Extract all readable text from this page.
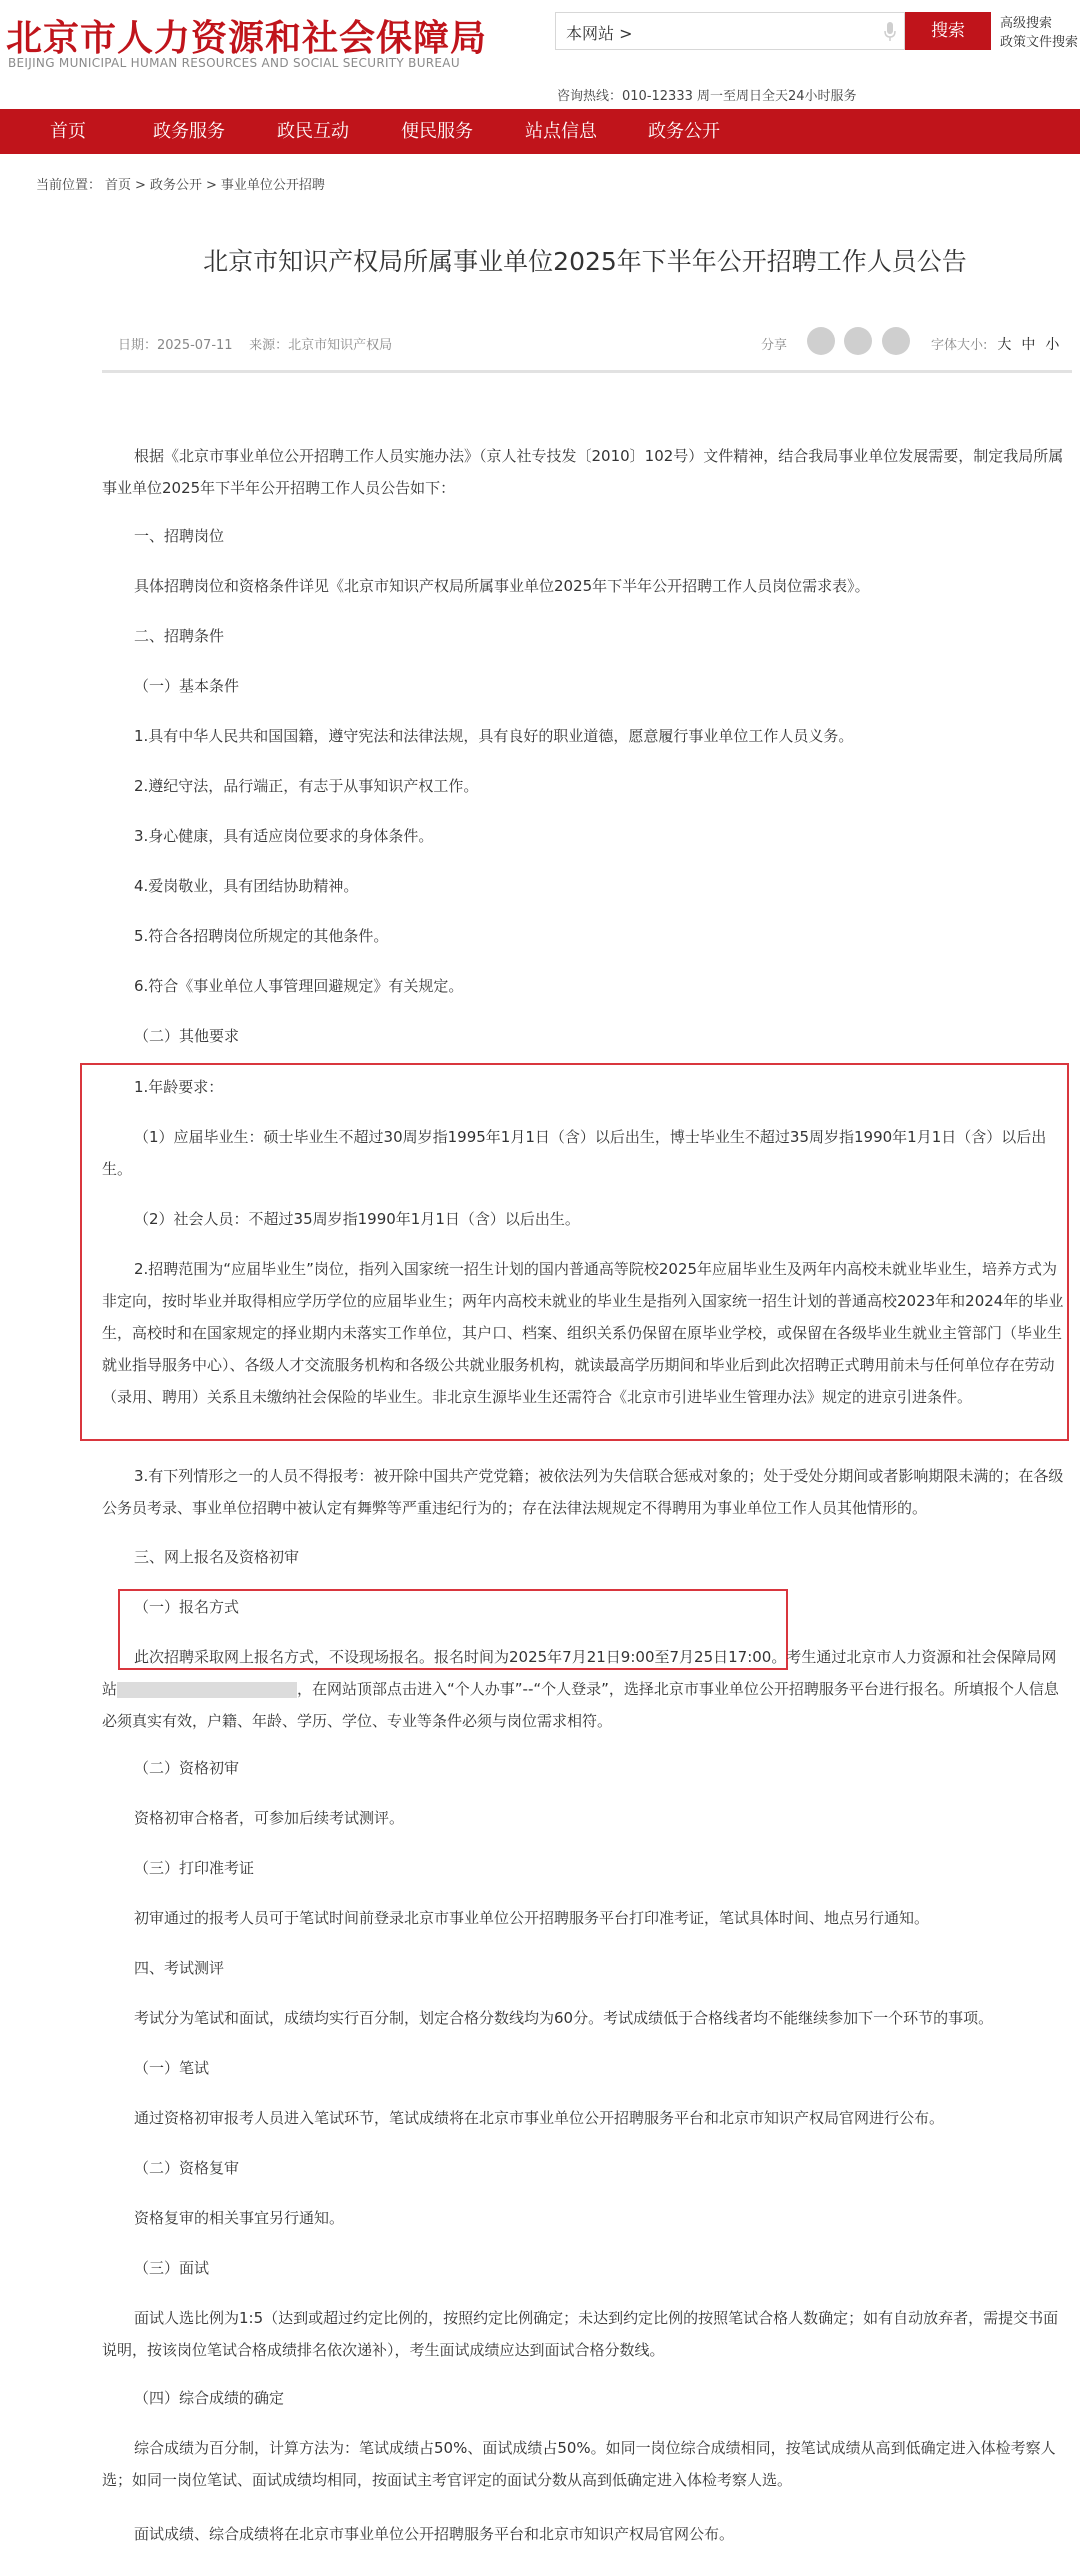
北京市人力资源和社会保障局
BEIJING MUNICIPAL HUMAN RESOURCES AND SOCIAL SECURITY BUREAU
本网站 >	搜索	高级搜索
政策文件搜索
咨询热线：010-12333 周一至周日全天24小时服务
首页	政务服务	政民互动	便民服务	站点信息	政务公开
当前位置： 首页 > 政务公开 > 事业单位公开招聘
北京市知识产权局所属事业单位2025年下半年公开招聘工作人员公告
日期：2025-07-11 来源：北京市知识产权局	分享	字体大小: 大 中 小
根据《北京市事业单位公开招聘工作人员实施办法》（京人社专技发〔2010〕102号）文件精神，结合我局事业单位发展需要，制定我局所属事业单位2025年下半年公开招聘工作人员公告如下：
一、招聘岗位
具体招聘岗位和资格条件详见《北京市知识产权局所属事业单位2025年下半年公开招聘工作人员岗位需求表》。
二、招聘条件
（一）基本条件
1.具有中华人民共和国国籍，遵守宪法和法律法规，具有良好的职业道德，愿意履行事业单位工作人员义务。
2.遵纪守法，品行端正，有志于从事知识产权工作。
3.身心健康，具有适应岗位要求的身体条件。
4.爱岗敬业，具有团结协助精神。
5.符合各招聘岗位所规定的其他条件。
6.符合《事业单位人事管理回避规定》有关规定。
（二）其他要求
1.年龄要求：
（1）应届毕业生：硕士毕业生不超过30周岁指1995年1月1日（含）以后出生，博士毕业生不超过35周岁指1990年1月1日（含）以后出生。
（2）社会人员：不超过35周岁指1990年1月1日（含）以后出生。
2.招聘范围为“应届毕业生”岗位，指列入国家统一招生计划的国内普通高等院校2025年应届毕业生及两年内高校未就业毕业生，培养方式为非定向，按时毕业并取得相应学历学位的应届毕业生；两年内高校未就业的毕业生是指列入国家统一招生计划的普通高校2023年和2024年的毕业生，高校时和在国家规定的择业期内未落实工作单位，其户口、档案、组织关系仍保留在原毕业学校，或保留在各级毕业生就业主管部门（毕业生就业指导服务中心）、各级人才交流服务机构和各级公共就业服务机构，就读最高学历期间和毕业后到此次招聘正式聘用前未与任何单位存在劳动（录用、聘用）关系且未缴纳社会保险的毕业生。非北京生源毕业生还需符合《北京市引进毕业生管理办法》规定的进京引进条件。
3.有下列情形之一的人员不得报考：被开除中国共产党党籍；被依法列为失信联合惩戒对象的；处于受处分期间或者影响期限未满的；在各级公务员考录、事业单位招聘中被认定有舞弊等严重违纪行为的；存在法律法规规定不得聘用为事业单位工作人员其他情形的。
三、网上报名及资格初审
（一）报名方式
此次招聘采取网上报名方式，不设现场报名。报名时间为2025年7月21日9:00至7月25日17:00。考生通过北京市人力资源和社会保障局网站	，在网站顶部点击进入“个人办事”--“个人登录”，选择北京市事业单位公开招聘服务平台进行报名。所填报个人信息必须真实有效，户籍、年龄、学历、学位、专业等条件必须与岗位需求相符。
（二）资格初审
资格初审合格者，可参加后续考试测评。
（三）打印准考证
初审通过的报考人员可于笔试时间前登录北京市事业单位公开招聘服务平台打印准考证，笔试具体时间、地点另行通知。
四、考试测评
考试分为笔试和面试，成绩均实行百分制，划定合格分数线均为60分。考试成绩低于合格线者均不能继续参加下一个环节的事项。
（一）笔试
通过资格初审报考人员进入笔试环节，笔试成绩将在北京市事业单位公开招聘服务平台和北京市知识产权局官网进行公布。
（二）资格复审
资格复审的相关事宜另行通知。
（三）面试
面试人选比例为1:5（达到或超过约定比例的，按照约定比例确定；未达到约定比例的按照笔试合格人数确定；如有自动放弃者，需提交书面说明，按该岗位笔试合格成绩排名依次递补），考生面试成绩应达到面试合格分数线。
（四）综合成绩的确定
综合成绩为百分制，计算方法为：笔试成绩占50%、面试成绩占50%。如同一岗位综合成绩相同，按笔试成绩从高到低确定进入体检考察人选；如同一岗位笔试、面试成绩均相同，按面试主考官评定的面试分数从高到低确定进入体检考察人选。
面试成绩、综合成绩将在北京市事业单位公开招聘服务平台和北京市知识产权局官网公布。
